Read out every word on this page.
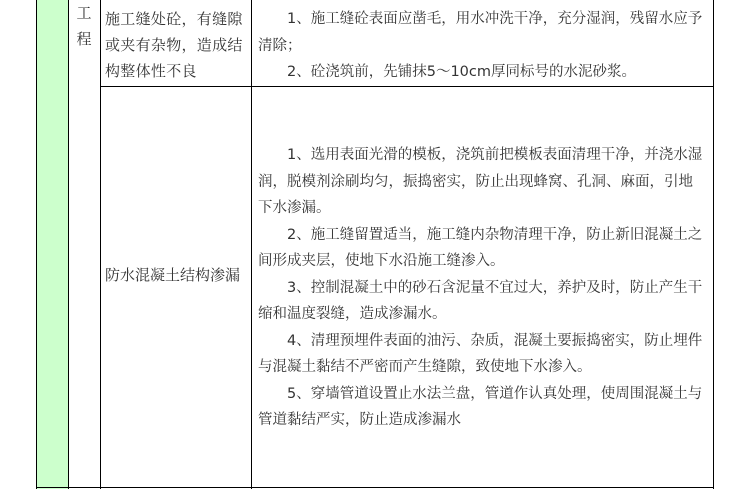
工
程
施工缝处砼，有缝隙或夹有杂物，造成结构整体性不良

1、施工缝砼表面应凿毛，用水冲洗干净，充分湿润，残留水应予清除；

2、砼浇筑前，先铺抹5～10cm厚同标号的水泥砂浆。

防水混凝土结构渗漏

1、选用表面光滑的模板，浇筑前把模板表面清理干净，并浇水湿润，脱模剂涂刷均匀，振捣密实，防止出现蜂窝、孔洞、麻面，引地下水渗漏。

2、施工缝留置适当，施工缝内杂物清理干净，防止新旧混凝土之间形成夹层，使地下水沿施工缝渗入。

3、控制混凝土中的砂石含泥量不宜过大，养护及时，防止产生干缩和温度裂缝，造成渗漏水。

4、清理预埋件表面的油污、杂质，混凝土要振捣密实，防止埋件与混凝土黏结不严密而产生缝隙，致使地下水渗入。

5、穿墙管道设置止水法兰盘，管道作认真处理，使周围混凝土与管道黏结严实，防止造成渗漏水
